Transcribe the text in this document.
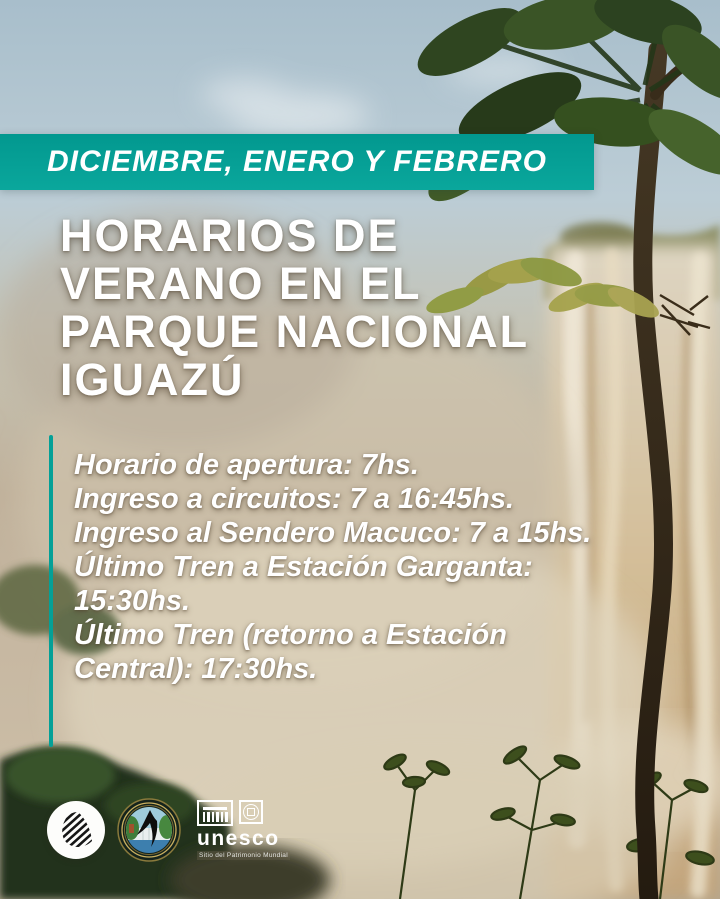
DICIEMBRE, ENERO Y FEBRERO
HORARIOS DE
VERANO EN EL
PARQUE NACIONAL
IGUAZÚ

Horario de apertura: 7hs.

Ingreso a circuitos: 7 a 16:45hs.

Ingreso al Sendero Macuco: 7 a 15hs.

Último Tren a Estación Garganta: 15:30hs.

Último Tren (retorno a Estación Central): 17:30hs.

unesco
Sitio del Patrimonio Mundial
